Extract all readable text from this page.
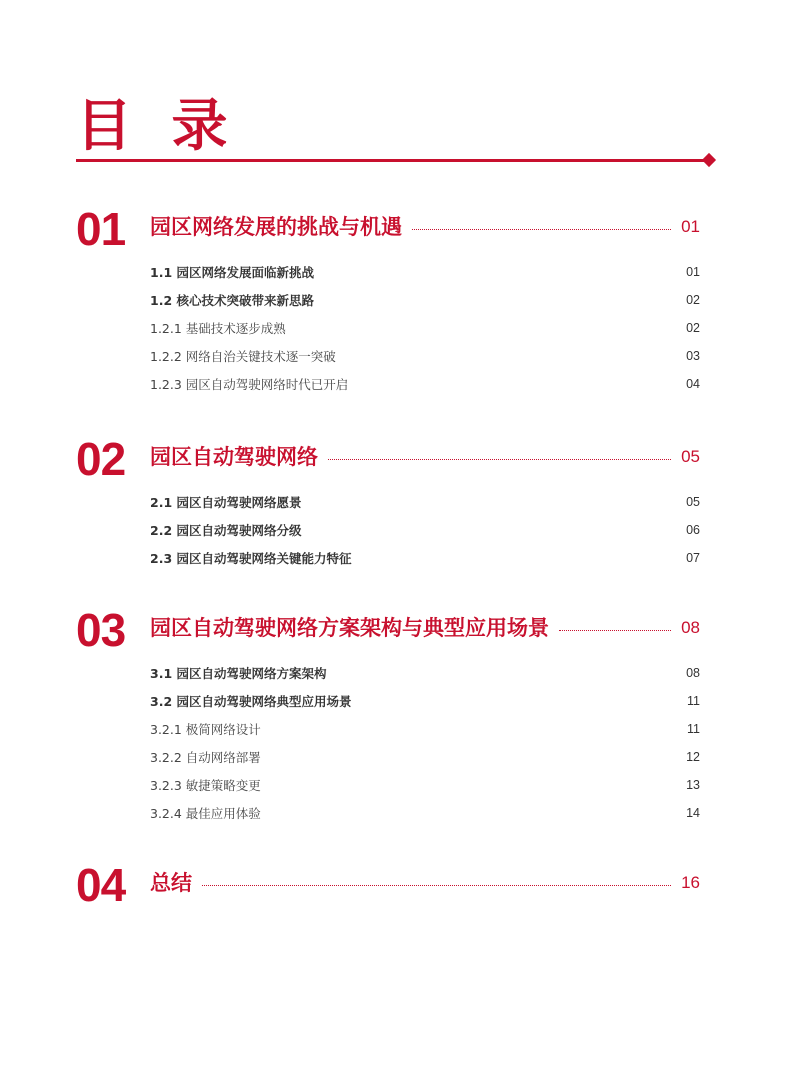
目 录
01 园区网络发展的挑战与机遇	01
1.1 园区网络发展面临新挑战	01
1.2 核心技术突破带来新思路	02
1.2.1 基础技术逐步成熟	02
1.2.2 网络自治关键技术逐一突破	03
1.2.3 园区自动驾驶网络时代已开启	04
02 园区自动驾驶网络	05
2.1 园区自动驾驶网络愿景	05
2.2 园区自动驾驶网络分级	06
2.3 园区自动驾驶网络关键能力特征	07
03 园区自动驾驶网络方案架构与典型应用场景	08
3.1 园区自动驾驶网络方案架构	08
3.2 园区自动驾驶网络典型应用场景	11
3.2.1 极简网络设计	11
3.2.2 自动网络部署	12
3.2.3 敏捷策略变更	13
3.2.4 最佳应用体验	14
04 总结	16
